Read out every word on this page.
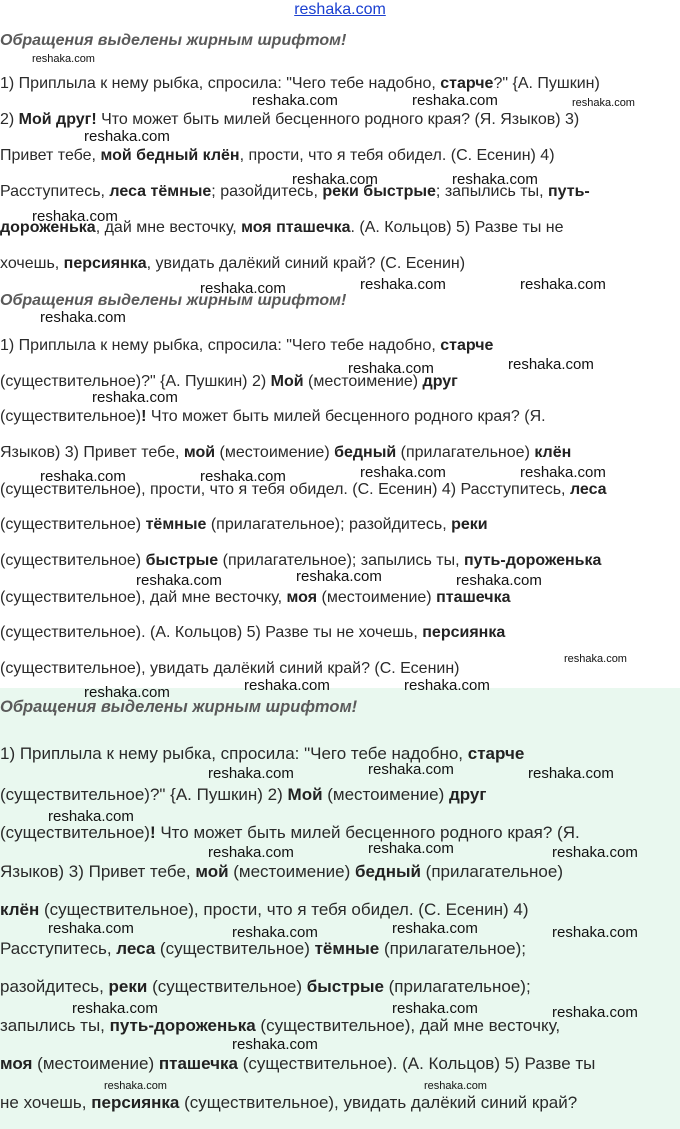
reshaka.com
Обращения выделены жирным шрифтом!
1) Приплыла к нему рыбка, спросила: "Чего тебе надобно, старче?" {А. Пушкин)
2) Мой друг! Что может быть милей бесценного родного края? (Я. Языков) 3)
Привет тебе, мой бедный клён, прости, что я тебя обидел. (С. Есенин) 4)
Расступитесь, леса тёмные; разойдитесь, реки быстрые; запылись ты, путь-
дороженька, дай мне весточку, моя пташечка. (А. Кольцов) 5) Разве ты не
хочешь, персиянка, увидать далёкий синий край? (С. Есенин)
Обращения выделены жирным шрифтом!
1) Приплыла к нему рыбка, спросила: "Чего тебе надобно, старче
(существительное)?" {А. Пушкин) 2) Мой (местоимение) друг
(существительное)! Что может быть милей бесценного родного края? (Я.
Языков) 3) Привет тебе, мой (местоимение) бедный (прилагательное) клён
(существительное), прости, что я тебя обидел. (С. Есенин) 4) Расступитесь, леса
(существительное) тёмные (прилагательное); разойдитесь, реки
(существительное) быстрые (прилагательное); запылись ты, путь-дороженька
(существительное), дай мне весточку, моя (местоимение) пташечка
(существительное). (А. Кольцов) 5) Разве ты не хочешь, персиянка
(существительное), увидать далёкий синий край? (С. Есенин)
Обращения выделены жирным шрифтом!
1) Приплыла к нему рыбка, спросила: "Чего тебе надобно, старче
(существительное)?" {А. Пушкин) 2) Мой (местоимение) друг
(существительное)! Что может быть милей бесценного родного края? (Я.
Языков) 3) Привет тебе, мой (местоимение) бедный (прилагательное)
клён (существительное), прости, что я тебя обидел. (С. Есенин) 4)
Расступитесь, леса (существительное) тёмные (прилагательное);
разойдитесь, реки (существительное) быстрые (прилагательное);
запылись ты, путь-дороженька (существительное), дай мне весточку,
моя (местоимение) пташечка (существительное). (А. Кольцов) 5) Разве ты
не хочешь, персиянка (существительное), увидать далёкий синий край?
reshaka.com
reshaka.com	reshaka.com	reshaka.com
reshaka.com
reshaka.com	reshaka.com
reshaka.com
reshaka.com	reshaka.com	reshaka.com
reshaka.com
reshaka.com	reshaka.com
reshaka.com
reshaka.com	reshaka.com	reshaka.com	reshaka.com
reshaka.com	reshaka.com	reshaka.com
reshaka.com
reshaka.com	reshaka.com	reshaka.com
reshaka.com	reshaka.com	reshaka.com
reshaka.com
reshaka.com	reshaka.com	reshaka.com
reshaka.com	reshaka.com	reshaka.com	reshaka.com
reshaka.com	reshaka.com	reshaka.com
reshaka.com
reshaka.com	reshaka.com
